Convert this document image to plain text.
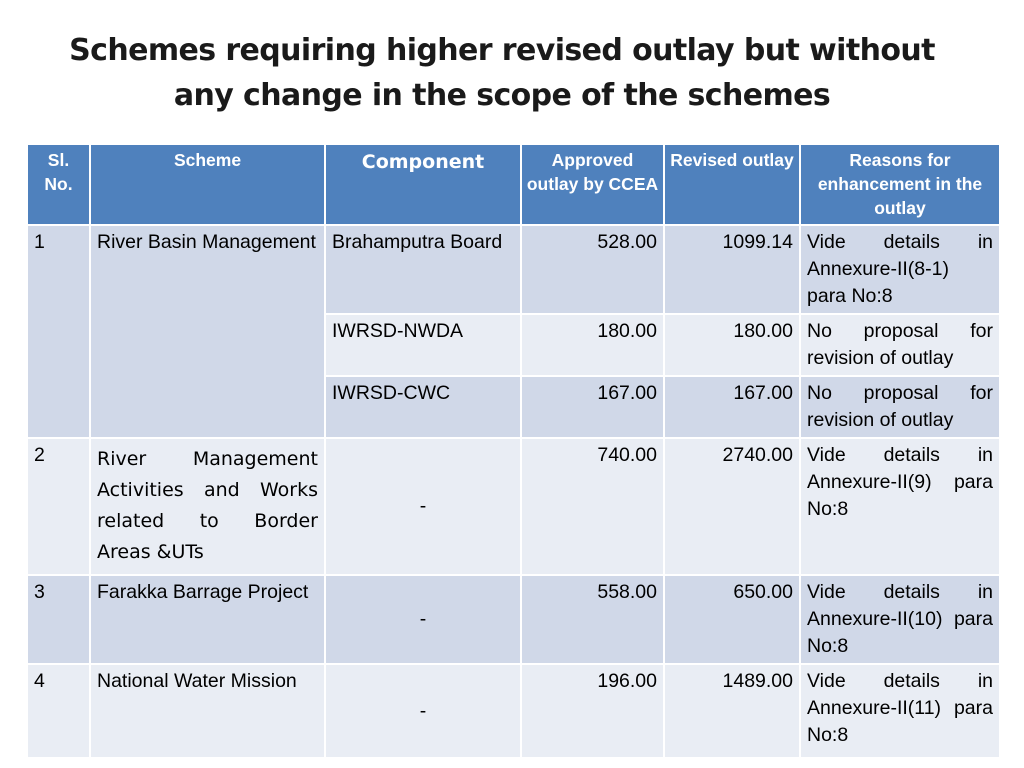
Schemes requiring higher revised outlay but without
any change in the scope of the schemes
Sl. No.	Scheme	Component	Approved outlay by CCEA	Revised outlay	Reasons for enhancement in the outlay
1	River Basin Management	Brahamputra Board	528.00	1099.14	Vide details in Annexure-II(8-1) para No:8
		IWRSD-NWDA	180.00	180.00	No proposal for revision of outlay
		IWRSD-CWC	167.00	167.00	No proposal for revision of outlay
2	River Management Activities and Works related to Border Areas &UTs	-	740.00	2740.00	Vide details in Annexure-II(9) para No:8
3	Farakka Barrage Project	-	558.00	650.00	Vide details in Annexure-II(10) para No:8
4	National Water Mission	-	196.00	1489.00	Vide details in Annexure-II(11) para No:8
